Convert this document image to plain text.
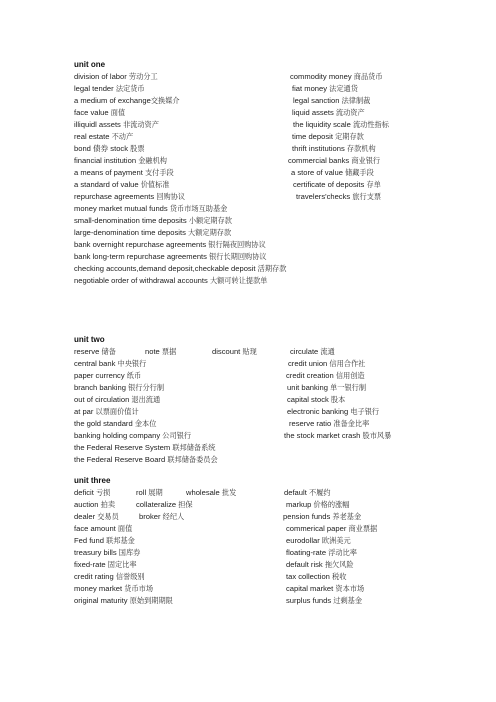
unit one
division of labor 劳动分工	commodity money 商品货币
legal tender 法定货币	fiat money 法定通货
a medium of exchange交换媒介	legal sanction 法律制裁
face value 面值	liquid assets 流动资产
illiquidl assets 非流动资产	the liquidity scale 流动性指标
real estate 不动产	time deposit 定期存款
bond 债券 stock 股票	thrift institutions 存款机构
financial institution 金融机构	commercial banks 商业银行
a means of payment 支付手段	a store of value 储藏手段
a standard of value 价值标准	certificate of deposits 存单
repurchase agreements 回购协议	travelers'checks 旅行支票
money market mutual funds 货币市场互助基金
small-denomination time deposits 小额定期存款
large-denomination time deposits 大额定期存款
bank overnight repurchase agreements 银行隔夜回购协议
bank long-term repurchase agreements 银行长期回购协议
checking accounts,demand deposit,checkable deposit 活期存款
negotiable order of withdrawal accounts 大额可转让提款单
unit two
reserve 储备	note 票据	discount 贴现	circulate 流通
central bank 中央银行	credit union 信用合作社
paper currency 纸币	credit creation 信用创造
branch banking 银行分行制	unit banking 单一银行制
out of circulation 退出流通	capital stock 股本
at par 以票面价值计	electronic banking 电子银行
the gold standard 金本位	reserve ratio 准备金比率
banking holding company 公司银行	the stock market crash 股市风暴
the Federal Reserve System 联邦储备系统
the Federal Reserve Board 联邦储备委员会
unit three
deficit 亏损	roll 展期	wholesale 批发	default 不履约
auction 拍卖	collateralize 担保	markup 价格的涨幅
dealer 交易员	broker 经纪人	pension funds 养老基金
face amount 面值	commerical paper 商业票据
Fed fund 联邦基金	eurodollar 欧洲美元
treasury bills 国库券	floating-rate 浮动比率
fixed-rate 固定比率	default risk 拖欠风险
credit rating 信誉级别	tax collection 税收
money market 货币市场	capital market 资本市场
original maturity 原始到期期限	surplus funds 过剩基金
